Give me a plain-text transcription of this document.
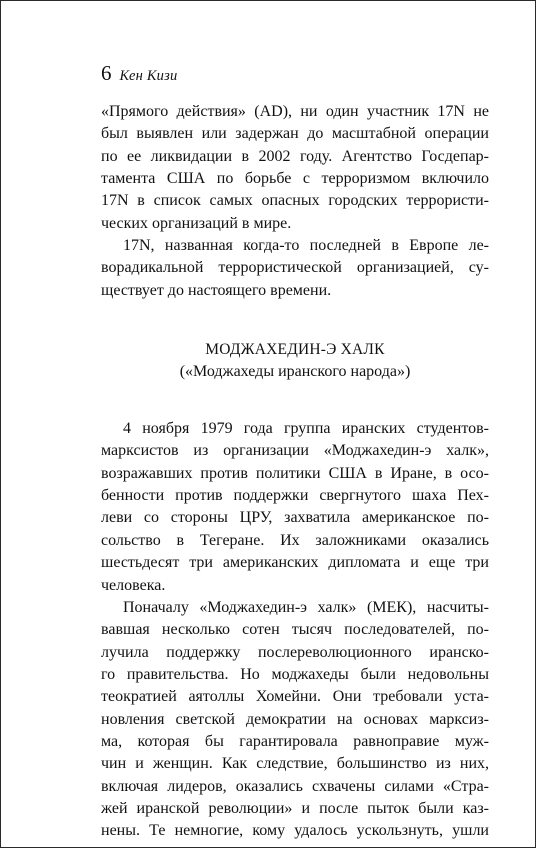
6 Кен Кизи

«Прямого действия» (AD), ни один участник 17N не

был выявлен или задержан до масштабной операции

по ее ликвидации в 2002 году. Агентство Госдепар-

тамента США по борьбе с терроризмом включило

17N в список самых опасных городских террористи-

ческих организаций в мире.

17N, названная когда-то последней в Европе ле-

ворадикальной террористической организацией, су-

ществует до настоящего времени.

МОДЖАХЕДИН-Э ХАЛК
(«Моджахеды иранского народа»)

4 ноября 1979 года группа иранских студентов-

марксистов из организации «Моджахедин-э халк»,

возражавших против политики США в Иране, в осо-

бенности против поддержки свергнутого шаха Пех-

леви со стороны ЦРУ, захватила американское по-

сольство в Тегеране. Их заложниками оказались

шестьдесят три американских дипломата и еще три

человека.

Поначалу «Моджахедин-э халк» (МЕК), насчиты-

вавшая несколько сотен тысяч последователей, по-

лучила поддержку послереволюционного иранско-

го правительства. Но моджахеды были недовольны

теократией аятоллы Хомейни. Они требовали уста-

новления светской демократии на основах марксиз-

ма, которая бы гарантировала равноправие муж-

чин и женщин. Как следствие, большинство из них,

включая лидеров, оказались схвачены силами «Стра-

жей иранской революции» и после пыток были каз-

нены. Те немногие, кому удалось ускользнуть, ушли
